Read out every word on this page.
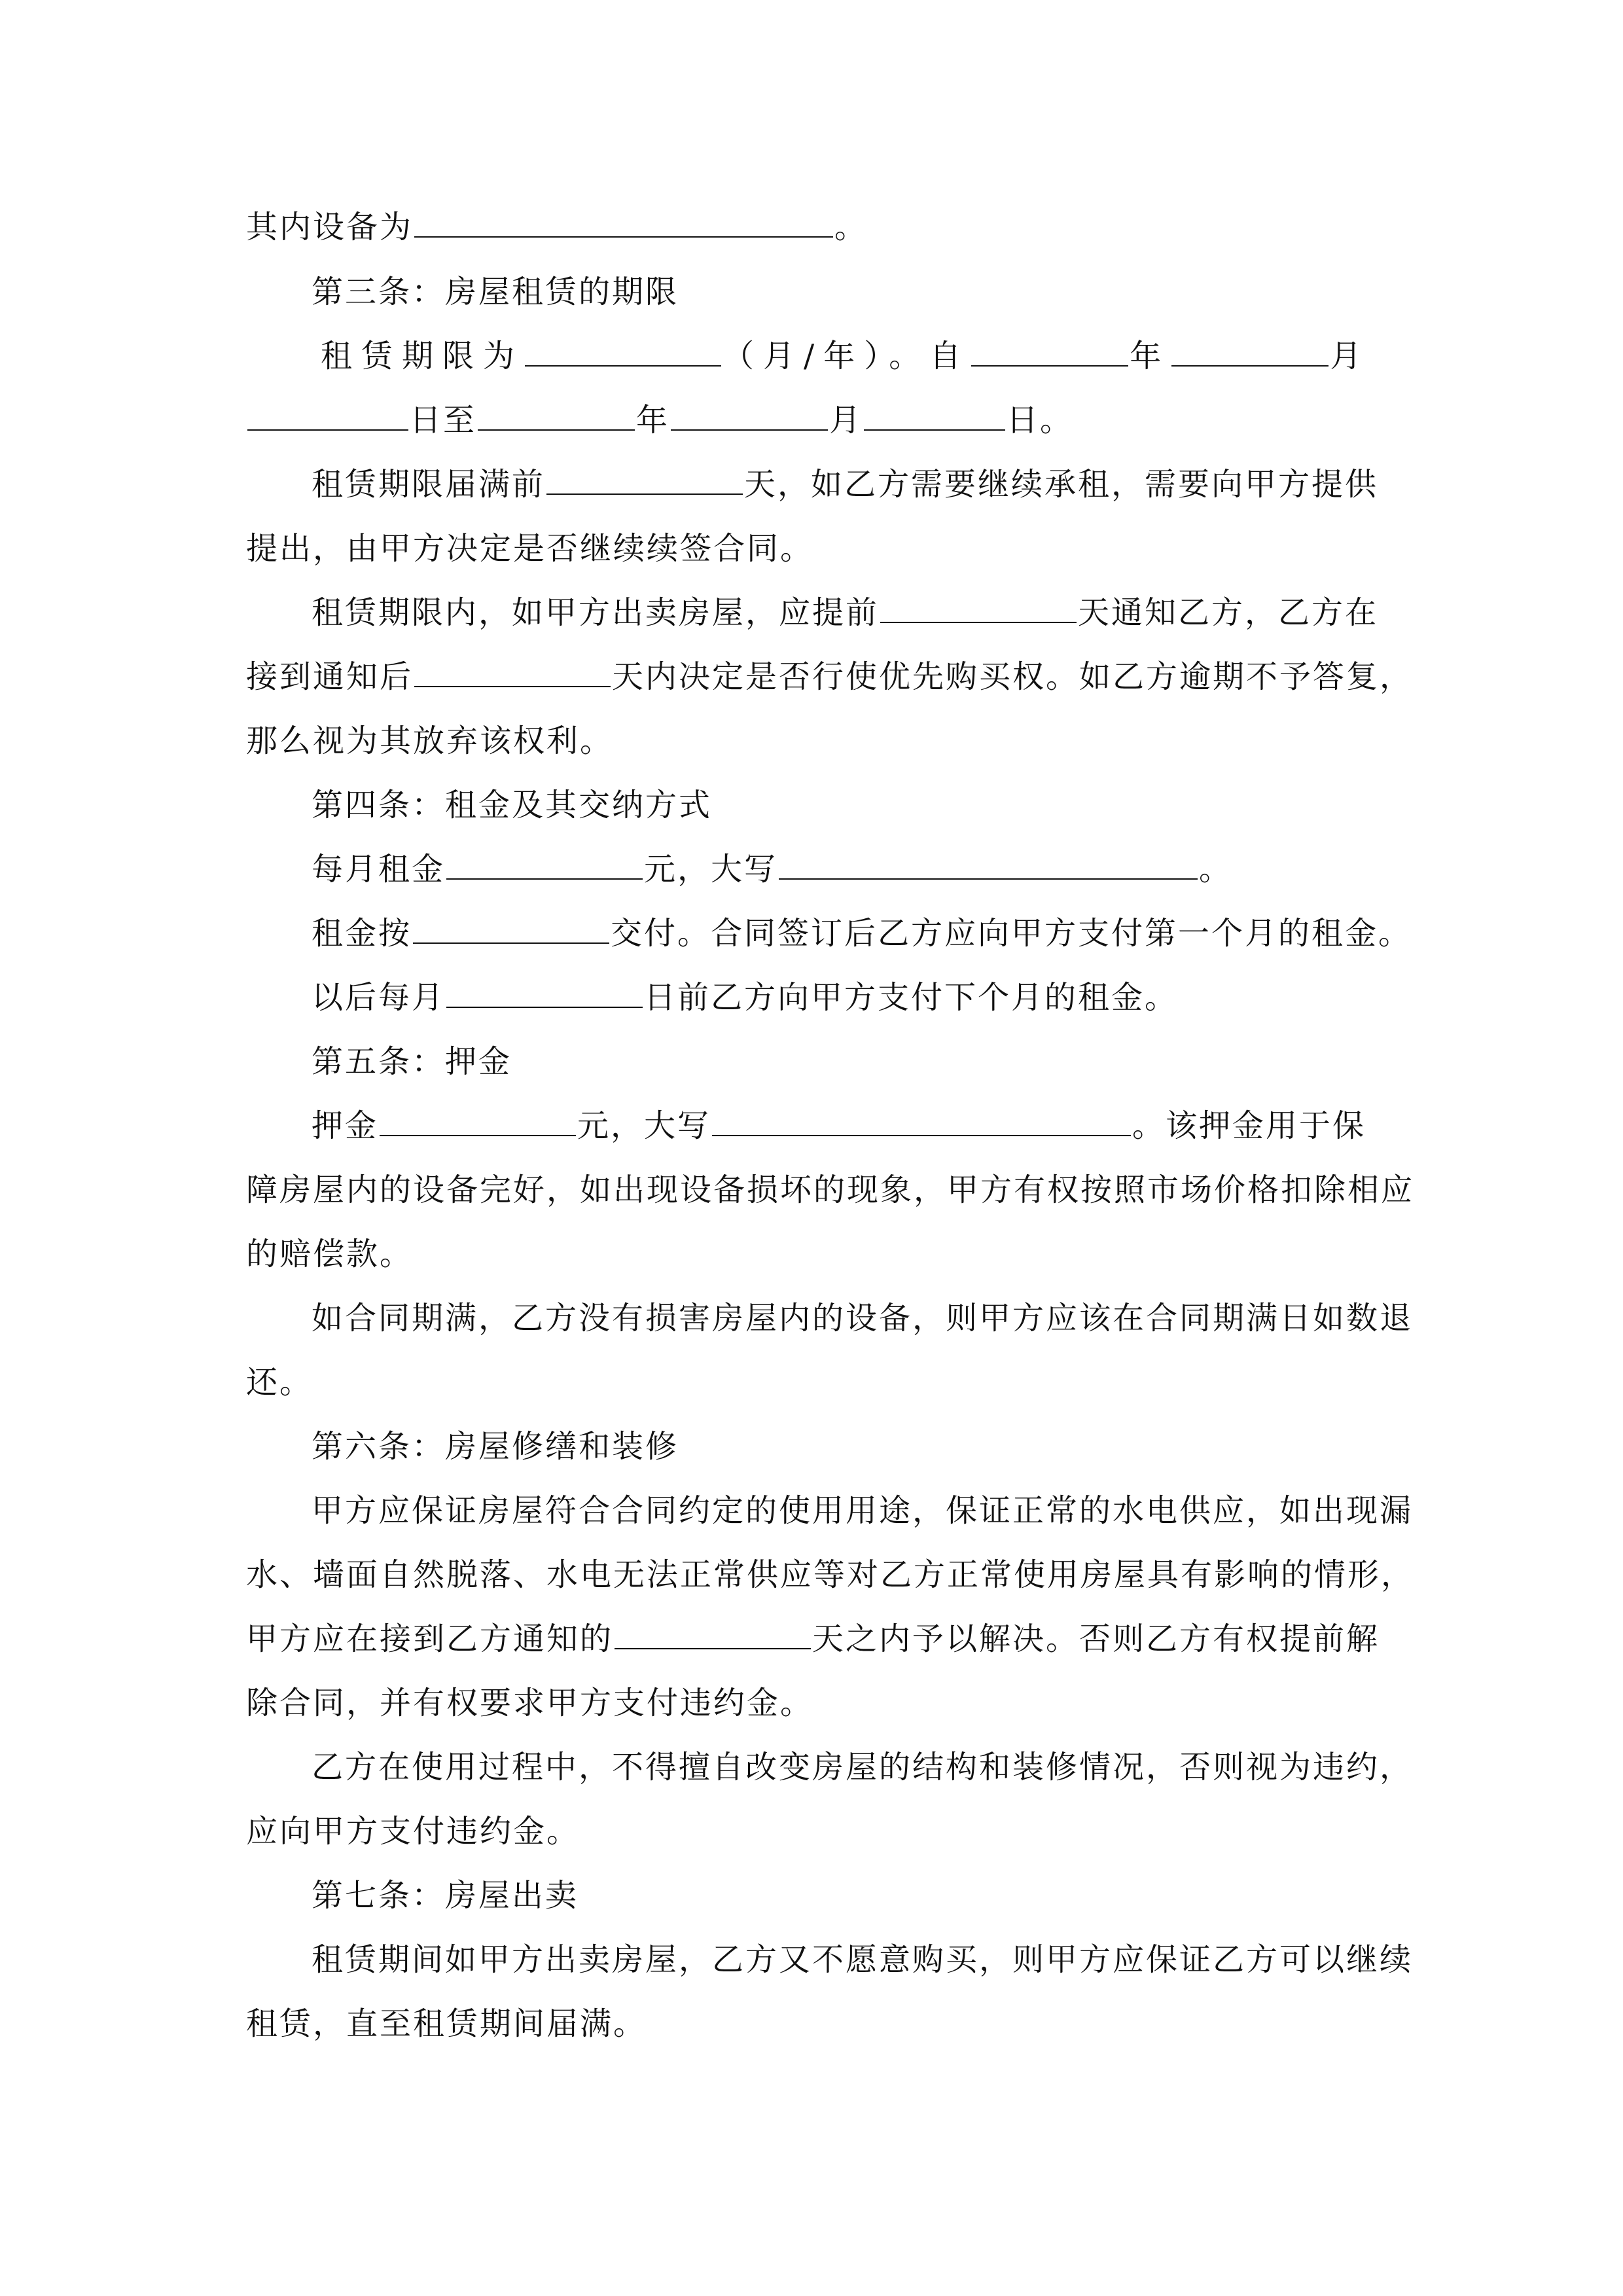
其内设备为	。
第三条：房屋租赁的期限
租赁期限为	（月/年）。自	年	月
日至	年	月	日。
租赁期限届满前	天，如乙方需要继续承租，需要向甲方提供
提出，由甲方决定是否继续续签合同。
租赁期限内，如甲方出卖房屋，应提前	天通知乙方，乙方在
接到通知后	天内决定是否行使优先购买权。如乙方逾期不予答复，
那么视为其放弃该权利。
第四条：租金及其交纳方式
每月租金	元，大写	。
租金按	交付。合同签订后乙方应向甲方支付第一个月的租金。
以后每月	日前乙方向甲方支付下个月的租金。
第五条：押金
押金	元，大写	。该押金用于保
障房屋内的设备完好，如出现设备损坏的现象，甲方有权按照市场价格扣除相应
的赔偿款。
如合同期满，乙方没有损害房屋内的设备，则甲方应该在合同期满日如数退
还。
第六条：房屋修缮和装修
甲方应保证房屋符合合同约定的使用用途，保证正常的水电供应，如出现漏
水、墙面自然脱落、水电无法正常供应等对乙方正常使用房屋具有影响的情形，
甲方应在接到乙方通知的	天之内予以解决。否则乙方有权提前解
除合同，并有权要求甲方支付违约金。
乙方在使用过程中，不得擅自改变房屋的结构和装修情况，否则视为违约，
应向甲方支付违约金。
第七条：房屋出卖
租赁期间如甲方出卖房屋，乙方又不愿意购买，则甲方应保证乙方可以继续
租赁，直至租赁期间届满。
